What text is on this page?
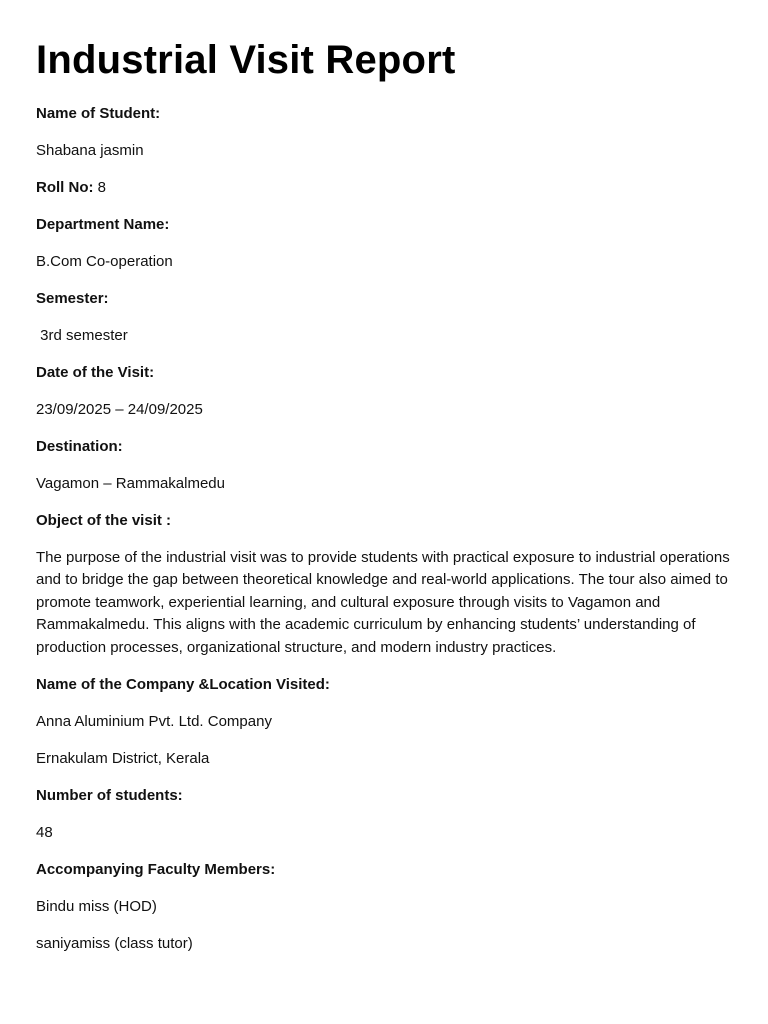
Industrial Visit Report

Name of Student:

Shabana jasmin

Roll No: 8

Department Name:

B.Com Co-operation

Semester:

3rd semester

Date of the Visit:

23/09/2025 – 24/09/2025

Destination:

Vagamon – Rammakalmedu

Object of the visit :

The purpose of the industrial visit was to provide students with practical exposure to industrial operations and to bridge the gap between theoretical knowledge and real-world applications. The tour also aimed to promote teamwork, experiential learning, and cultural exposure through visits to Vagamon and Rammakalmedu. This aligns with the academic curriculum by enhancing students’ understanding of production processes, organizational structure, and modern industry practices.

Name of the Company &Location Visited:

Anna Aluminium Pvt. Ltd. Company

Ernakulam District, Kerala

Number of students:

48

Accompanying Faculty Members:

Bindu miss (HOD)

saniyamiss (class tutor)
